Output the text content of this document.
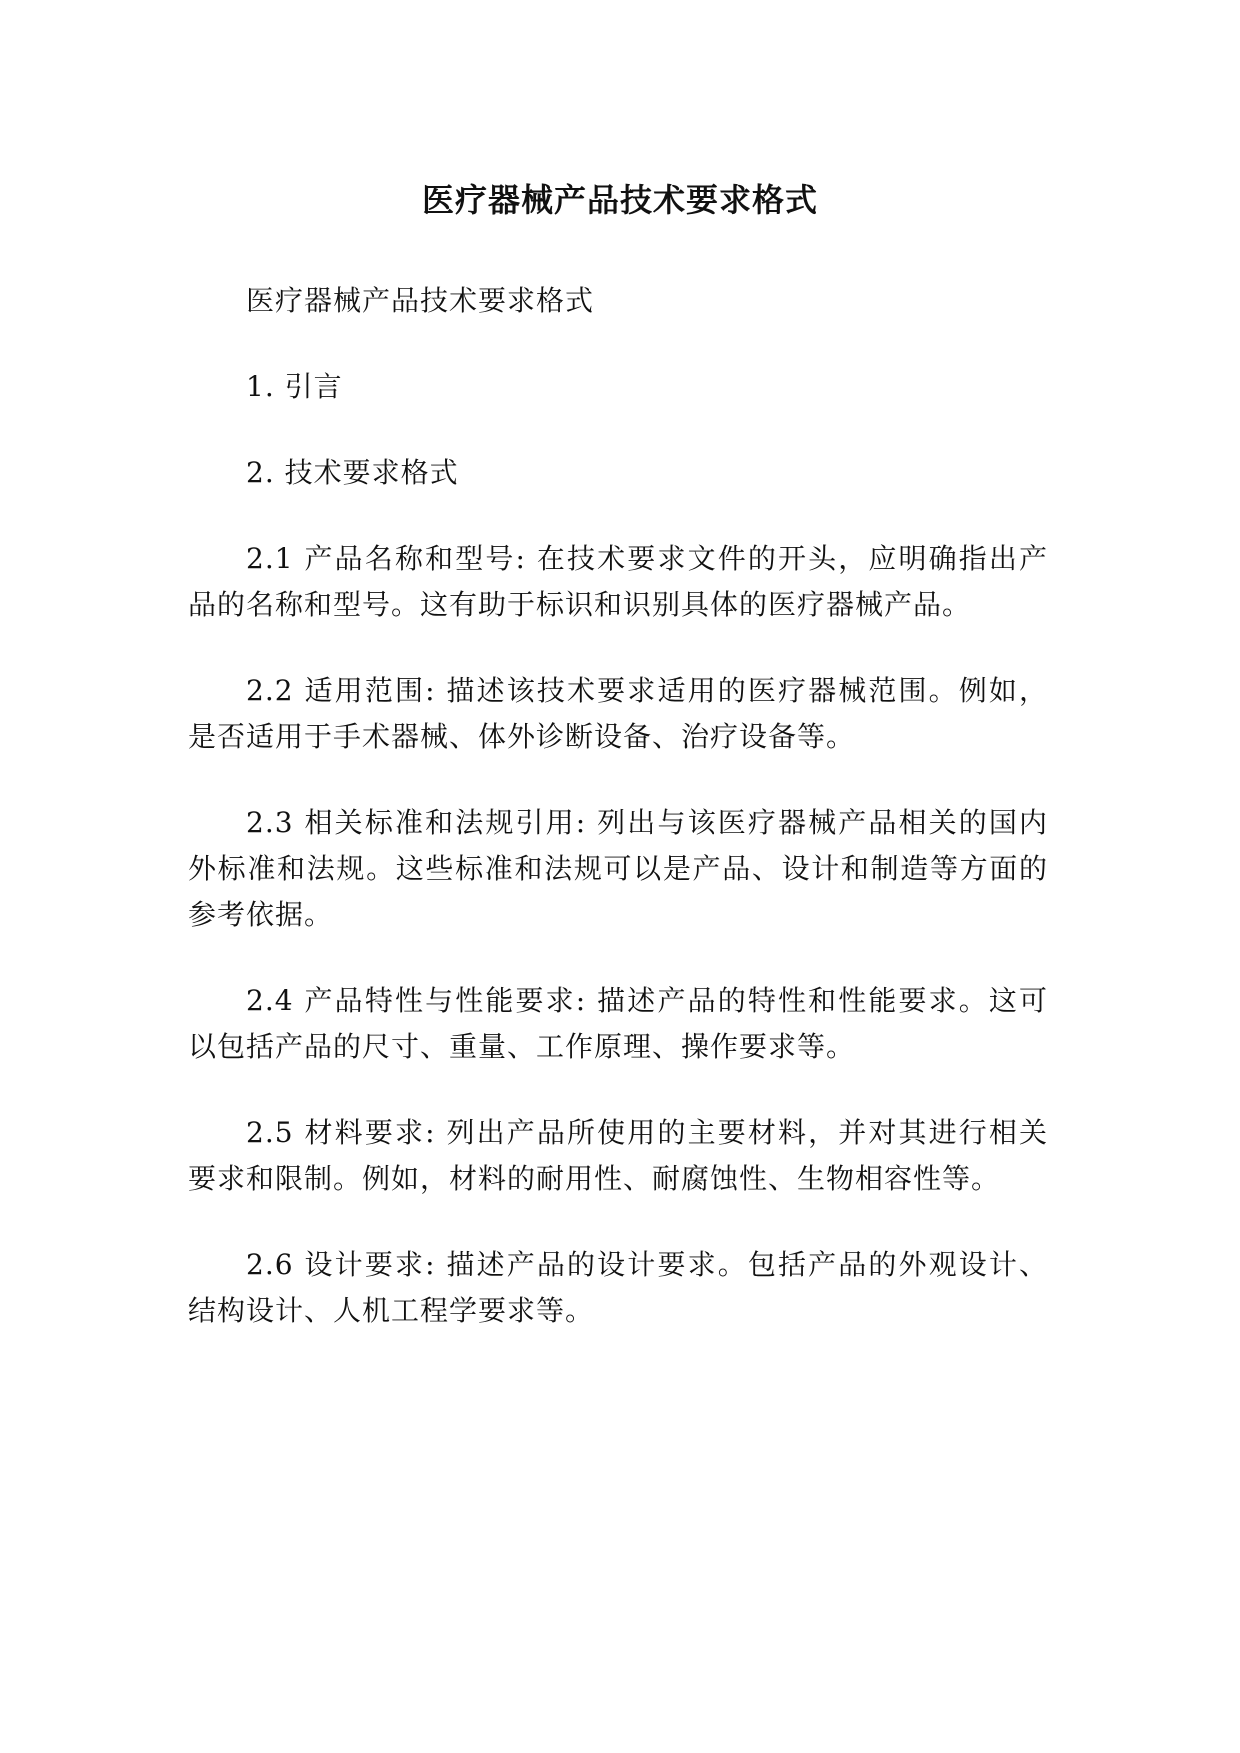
医疗器械产品技术要求格式

医疗器械产品技术要求格式

1. 引言

2. 技术要求格式

2.1 产品名称和型号: 在技术要求文件的开头，应明确指出产品的名称和型号。这有助于标识和识别具体的医疗器械产品。

2.2 适用范围: 描述该技术要求适用的医疗器械范围。例如，是否适用于手术器械、体外诊断设备、治疗设备等。

2.3 相关标准和法规引用: 列出与该医疗器械产品相关的国内外标准和法规。这些标准和法规可以是产品、设计和制造等方面的参考依据。

2.4 产品特性与性能要求: 描述产品的特性和性能要求。这可以包括产品的尺寸、重量、工作原理、操作要求等。

2.5 材料要求: 列出产品所使用的主要材料，并对其进行相关要求和限制。例如，材料的耐用性、耐腐蚀性、生物相容性等。

2.6 设计要求: 描述产品的设计要求。包括产品的外观设计、结构设计、人机工程学要求等。
